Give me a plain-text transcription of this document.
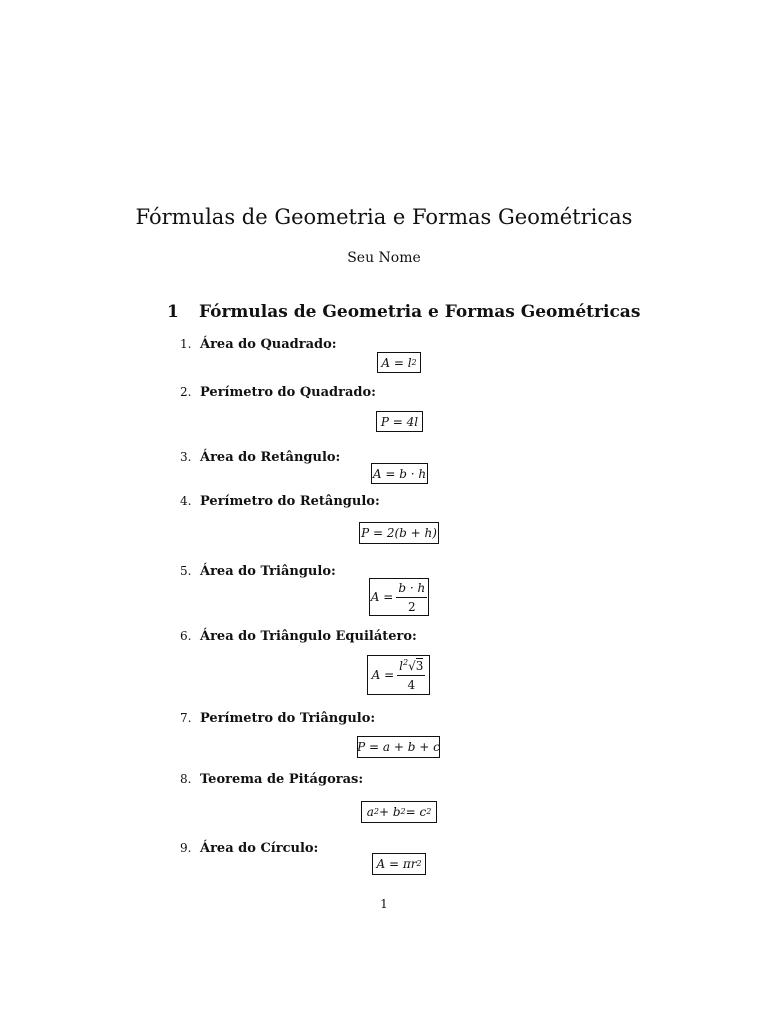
Fórmulas de Geometria e Formas Geométricas
Seu Nome
1	Fórmulas de Geometria e Formas Geométricas
1. Área do Quadrado:
A = l 2
2. Perímetro do Quadrado:
P = 4l
3. Área do Retângulo:
A = b · h
4. Perímetro do Retângulo:
P = 2(b + h)
5. Área do Triângulo:
$A = \frac{b \cdot h}{2}$
6. Área do Triângulo Equilátero:
$A = \frac{l^2√3}{4}$
7. Perímetro do Triângulo:
P = a + b + c
8. Teorema de Pitágoras:
a 2 + b 2 = c 2
9. Área do Círculo:
A = πr 2
1
